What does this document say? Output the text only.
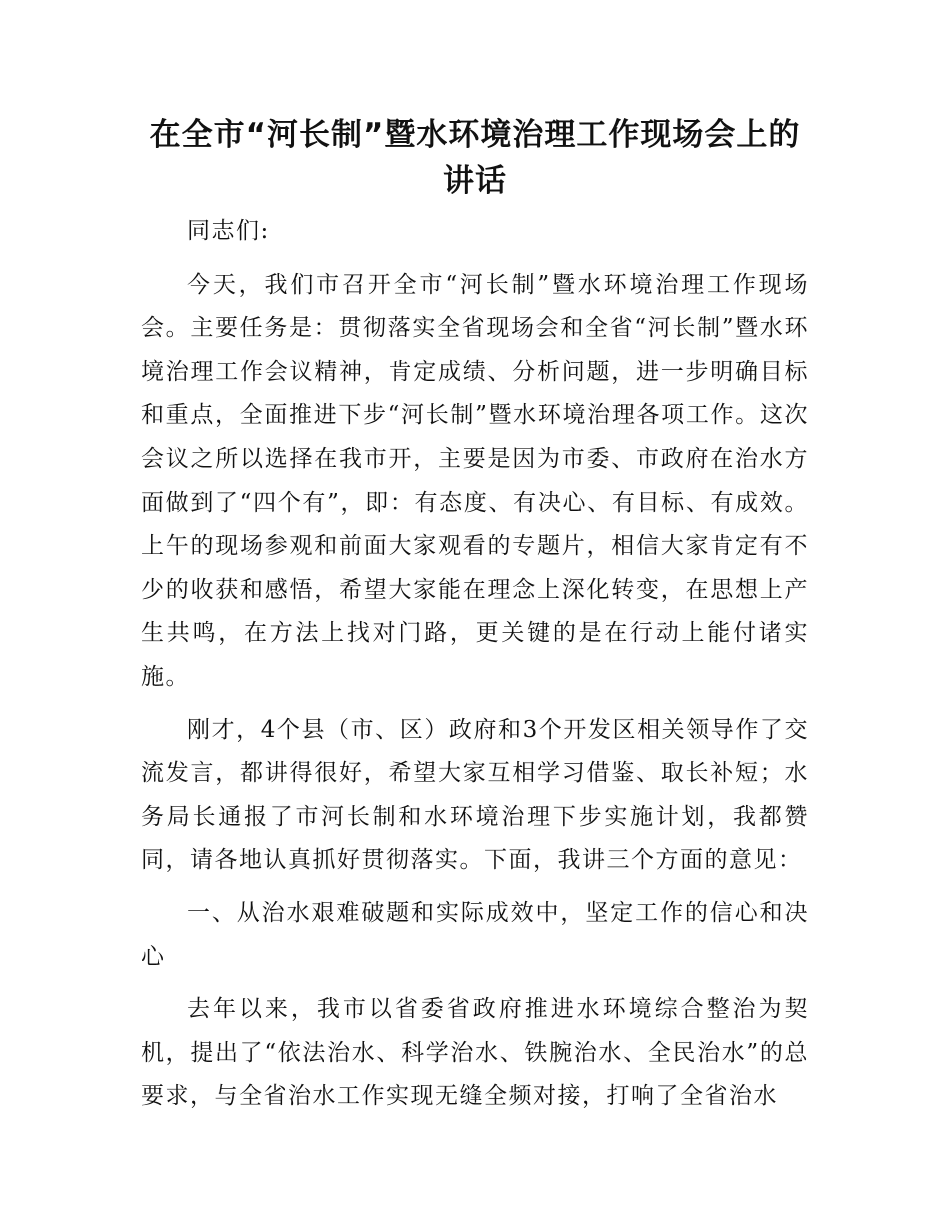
在全市“河长制”暨水环境治理工作现场会上的讲话

同志们:

今天，我们市召开全市“河长制”暨水环境治理工作现场会。主要任务是：贯彻落实全省现场会和全省“河长制”暨水环境治理工作会议精神，肯定成绩、分析问题，进一步明确目标和重点，全面推进下步“河长制”暨水环境治理各项工作。这次会议之所以选择在我市开，主要是因为市委、市政府在治水方面做到了“四个有”，即：有态度、有决心、有目标、有成效。上午的现场参观和前面大家观看的专题片，相信大家肯定有不少的收获和感悟，希望大家能在理念上深化转变，在思想上产生共鸣，在方法上找对门路，更关键的是在行动上能付诸实施。

刚才，4个县（市、区）政府和3个开发区相关领导作了交流发言，都讲得很好，希望大家互相学习借鉴、取长补短；水务局长通报了市河长制和水环境治理下步实施计划，我都赞同，请各地认真抓好贯彻落实。下面，我讲三个方面的意见：

一、从治水艰难破题和实际成效中，坚定工作的信心和决心

去年以来，我市以省委省政府推进水环境综合整治为契机，提出了“依法治水、科学治水、铁腕治水、全民治水”的总要求，与全省治水工作实现无缝全频对接，打响了全省治水
